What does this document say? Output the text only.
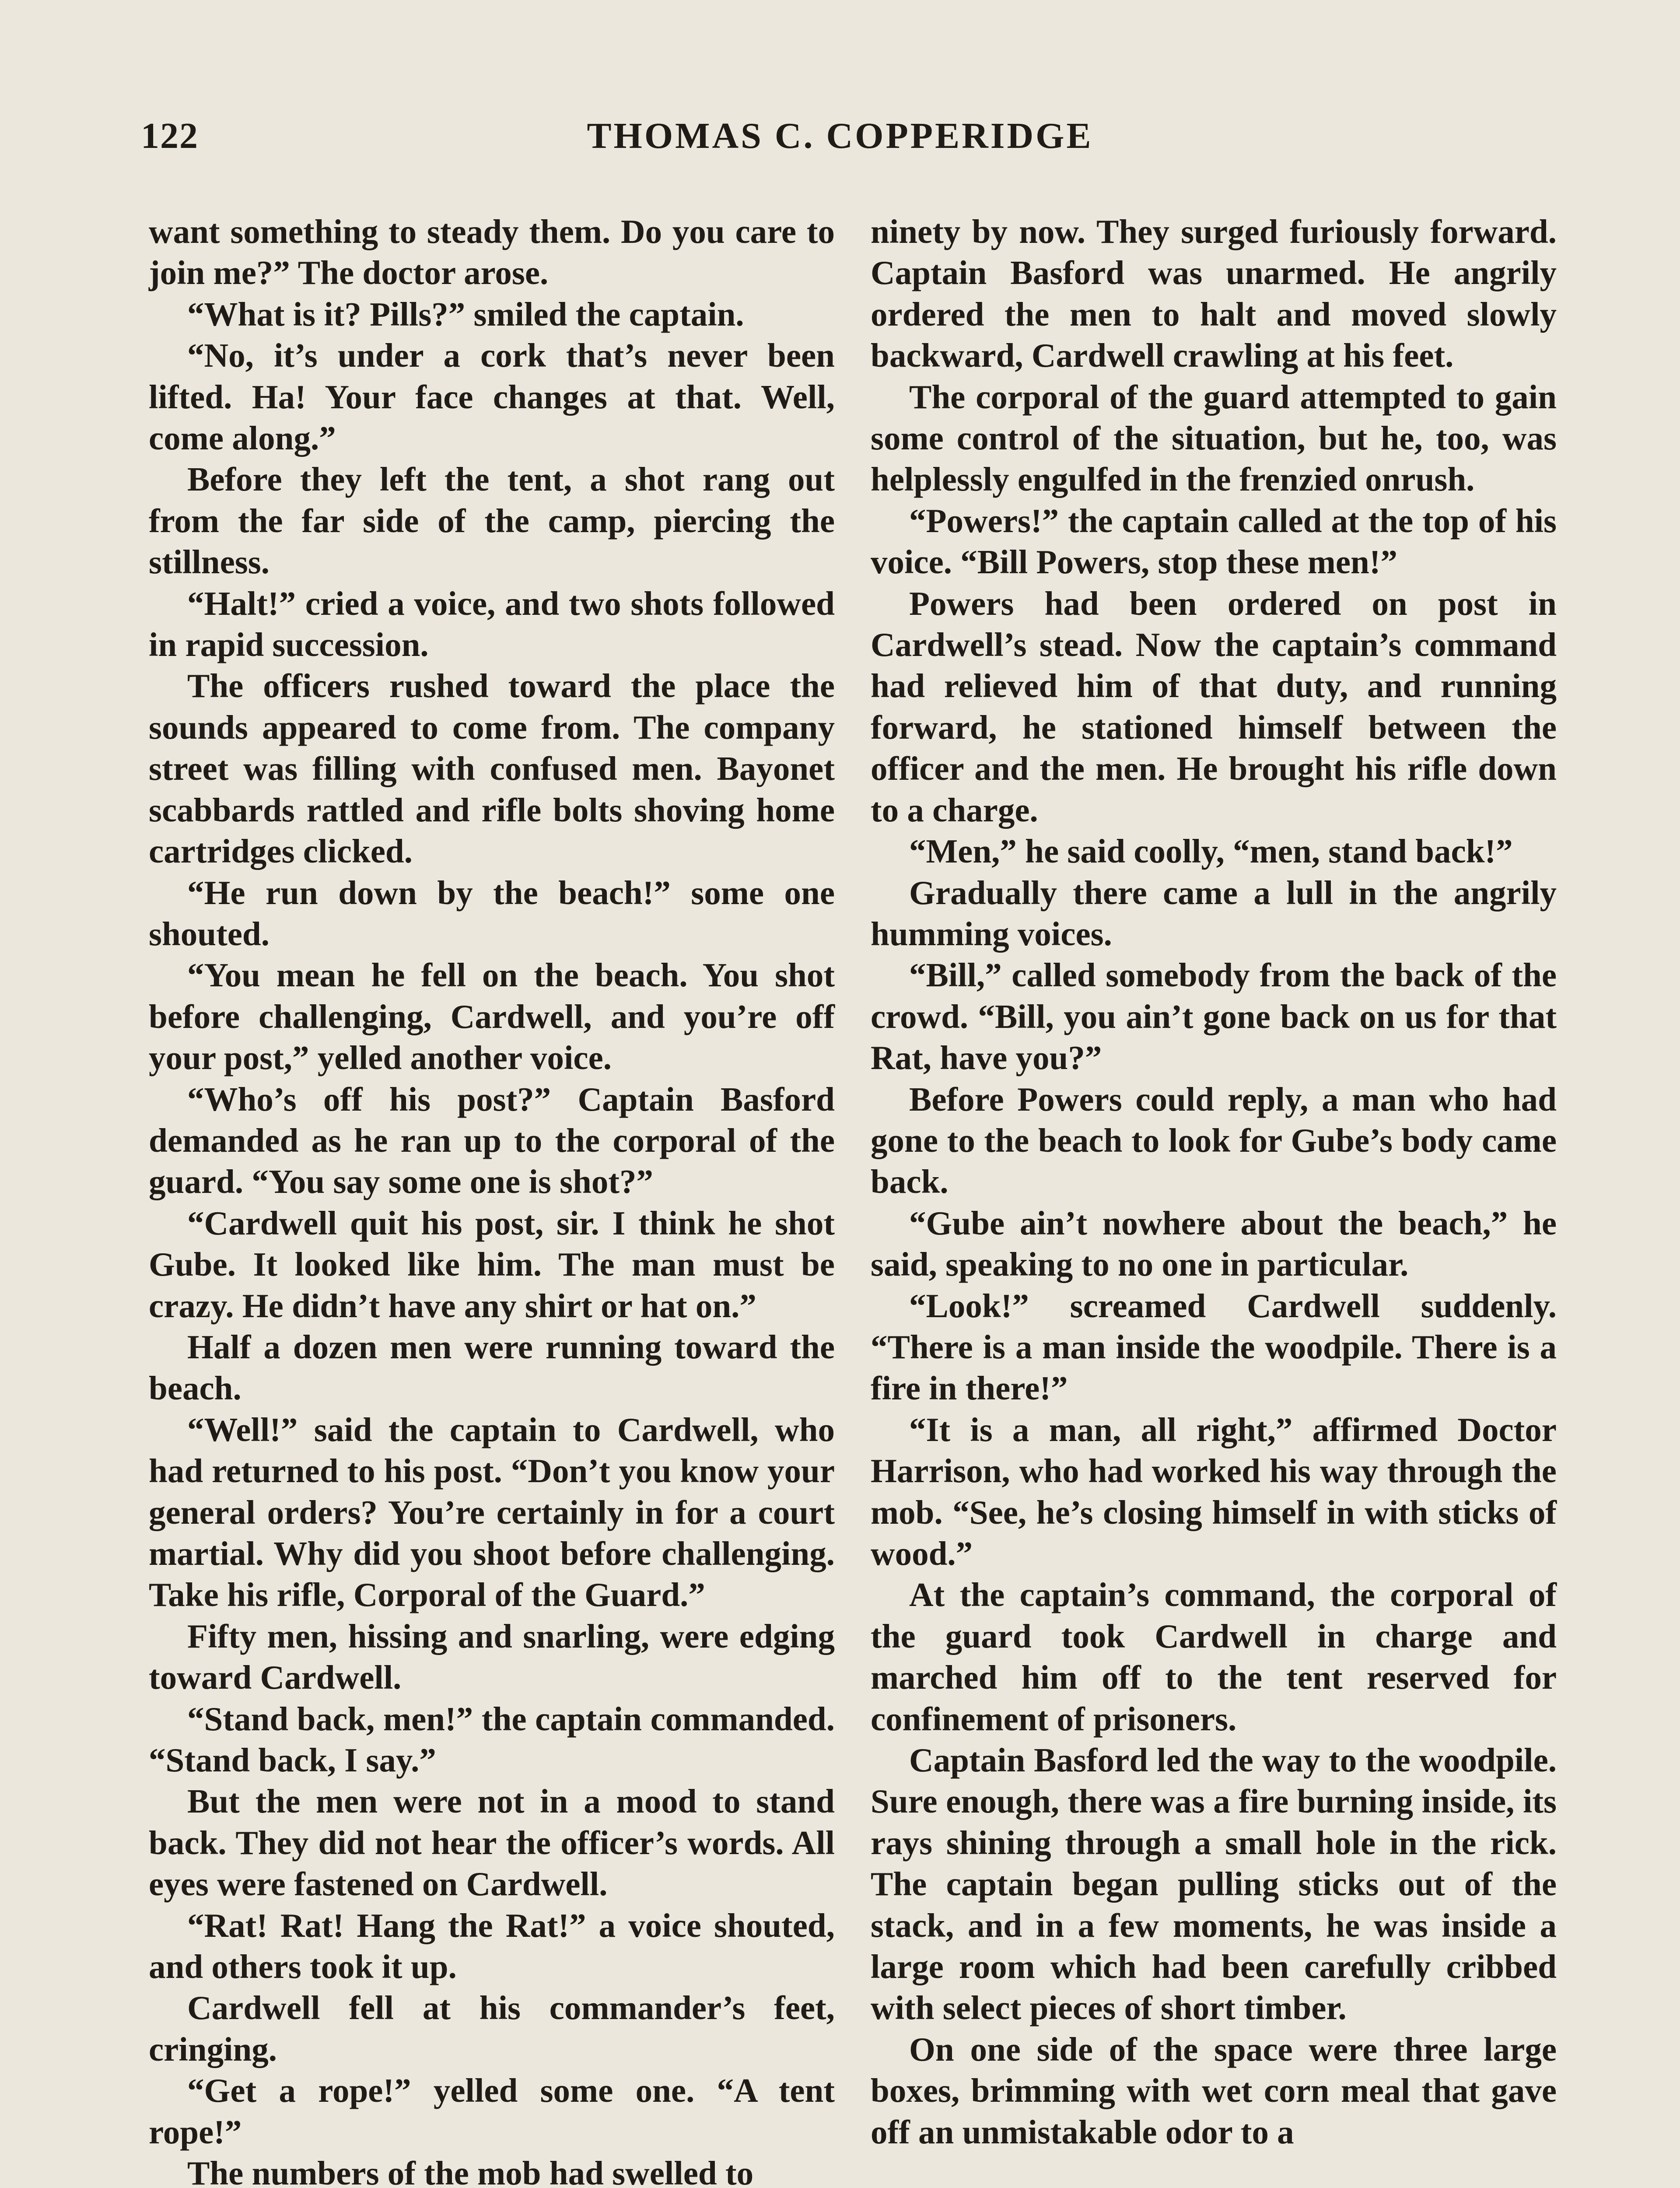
122	THOMAS C. COPPERIDGE

want something to steady them. Do you care to join me?” The doctor arose.

“What is it? Pills?” smiled the captain.

“No, it’s under a cork that’s never been lifted. Ha! Your face changes at that. Well, come along.”

Before they left the tent, a shot rang out from the far side of the camp, piercing the stillness.

“Halt!” cried a voice, and two shots followed in rapid succession.

The officers rushed toward the place the sounds appeared to come from. The company street was filling with confused men. Bayonet scabbards rattled and rifle bolts shoving home cartridges clicked.

“He run down by the beach!” some one shouted.

“You mean he fell on the beach. You shot before challenging, Cardwell, and you’re off your post,” yelled another voice.

“Who’s off his post?” Captain Basford demanded as he ran up to the corporal of the guard. “You say some one is shot?”

“Cardwell quit his post, sir. I think he shot Gube. It looked like him. The man must be crazy. He didn’t have any shirt or hat on.”

Half a dozen men were running toward the beach.

“Well!” said the captain to Cardwell, who had returned to his post. “Don’t you know your general orders? You’re certainly in for a court martial. Why did you shoot before challenging. Take his rifle, Corporal of the Guard.”

Fifty men, hissing and snarling, were edging toward Cardwell.

“Stand back, men!” the captain commanded. “Stand back, I say.”

But the men were not in a mood to stand back. They did not hear the officer’s words. All eyes were fastened on Cardwell.

“Rat! Rat! Hang the Rat!” a voice shouted, and others took it up.

Cardwell fell at his commander’s feet, cringing.

“Get a rope!” yelled some one. “A tent rope!”

The numbers of the mob had swelled to

ninety by now. They surged furiously forward. Captain Basford was unarmed. He angrily ordered the men to halt and moved slowly backward, Cardwell crawling at his feet.

The corporal of the guard attempted to gain some control of the situation, but he, too, was helplessly engulfed in the frenzied onrush.

“Powers!” the captain called at the top of his voice. “Bill Powers, stop these men!”

Powers had been ordered on post in Cardwell’s stead. Now the captain’s command had relieved him of that duty, and running forward, he stationed himself between the officer and the men. He brought his rifle down to a charge.

“Men,” he said coolly, “men, stand back!”

Gradually there came a lull in the angrily humming voices.

“Bill,” called somebody from the back of the crowd. “Bill, you ain’t gone back on us for that Rat, have you?”

Before Powers could reply, a man who had gone to the beach to look for Gube’s body came back.

“Gube ain’t nowhere about the beach,” he said, speaking to no one in particular.

“Look!” screamed Cardwell suddenly. “There is a man inside the woodpile. There is a fire in there!”

“It is a man, all right,” affirmed Doctor Harrison, who had worked his way through the mob. “See, he’s closing himself in with sticks of wood.”

At the captain’s command, the corporal of the guard took Cardwell in charge and marched him off to the tent reserved for confinement of prisoners.

Captain Basford led the way to the woodpile. Sure enough, there was a fire burning inside, its rays shining through a small hole in the rick. The captain began pulling sticks out of the stack, and in a few moments, he was inside a large room which had been carefully cribbed with select pieces of short timber.

On one side of the space were three large boxes, brimming with wet corn meal that gave off an unmistakable odor to a
